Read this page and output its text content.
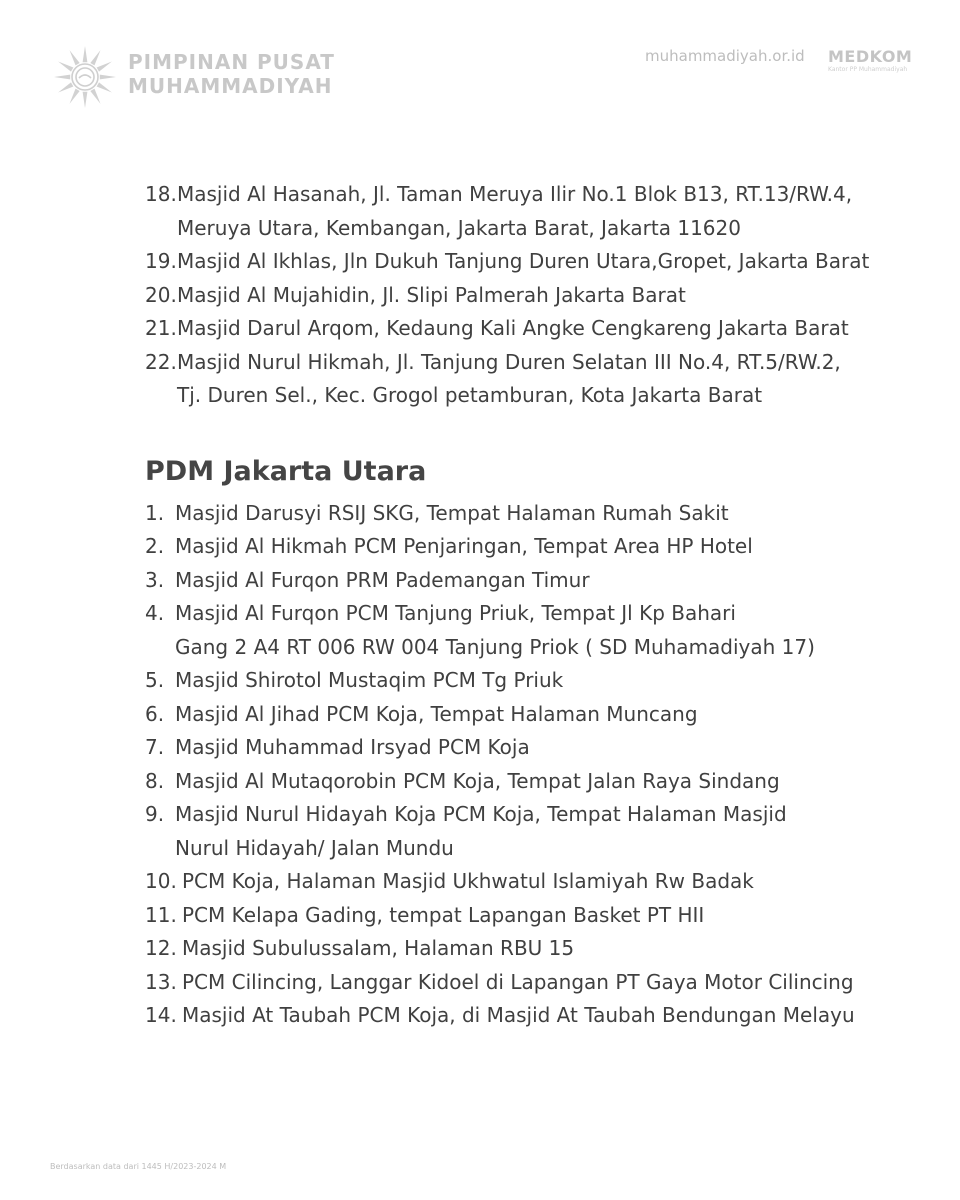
PIMPINAN PUSAT
MUHAMMADIYAH
muhammadiyah.or.id MEDKOM
Kantor PP Muhammadiyah
18. Masjid Al Hasanah, Jl. Taman Meruya Ilir No.1 Blok B13, RT.13/RW.4,
Meruya Utara, Kembangan, Jakarta Barat, Jakarta 11620
19. Masjid Al Ikhlas, Jln Dukuh Tanjung Duren Utara,Gropet, Jakarta Barat
20. Masjid Al Mujahidin, Jl. Slipi Palmerah Jakarta Barat
21. Masjid Darul Arqom, Kedaung Kali Angke Cengkareng Jakarta Barat
22. Masjid Nurul Hikmah, Jl. Tanjung Duren Selatan III No.4, RT.5/RW.2,
Tj. Duren Sel., Kec. Grogol petamburan, Kota Jakarta Barat
PDM Jakarta Utara
1. Masjid Darusyi RSIJ SKG, Tempat Halaman Rumah Sakit
2. Masjid Al Hikmah PCM Penjaringan, Tempat Area HP Hotel
3. Masjid Al Furqon PRM Pademangan Timur
4. Masjid Al Furqon PCM Tanjung Priuk, Tempat Jl Kp Bahari
Gang 2 A4 RT 006 RW 004 Tanjung Priok ( SD Muhamadiyah 17)
5. Masjid Shirotol Mustaqim PCM Tg Priuk
6. Masjid Al Jihad PCM Koja, Tempat Halaman Muncang
7. Masjid Muhammad Irsyad PCM Koja
8. Masjid Al Mutaqorobin PCM Koja, Tempat Jalan Raya Sindang
9. Masjid Nurul Hidayah Koja PCM Koja, Tempat Halaman Masjid
Nurul Hidayah/ Jalan Mundu
10. PCM Koja, Halaman Masjid Ukhwatul Islamiyah Rw Badak
11. PCM Kelapa Gading, tempat Lapangan Basket PT HII
12. Masjid Subulussalam, Halaman RBU 15
13. PCM Cilincing, Langgar Kidoel di Lapangan PT Gaya Motor Cilincing
14. Masjid At Taubah PCM Koja, di Masjid At Taubah Bendungan Melayu
Berdasarkan data dari 1445 H/2023-2024 M
